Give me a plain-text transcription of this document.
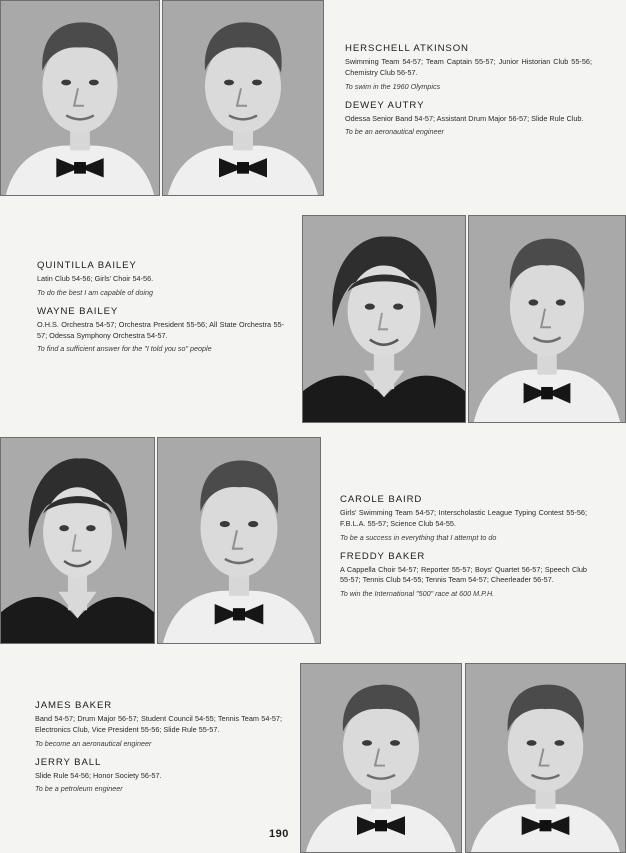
HERSCHELL ATKINSON

Swimming Team 54-57; Team Captain 55-57; Junior Historian Club 55-56; Chemistry Club 56-57.

To swim in the 1960 Olympics

DEWEY AUTRY

Odessa Senior Band 54-57; Assistant Drum Major 56-57; Slide Rule Club.

To be an aeronautical engineer

QUINTILLA BAILEY

Latin Club 54-56; Girls' Choir 54-56.

To do the best I am capable of doing

WAYNE BAILEY

O.H.S. Orchestra 54-57; Orchestra President 55-56; All State Orchestra 55-57; Odessa Symphony Orchestra 54-57.

To find a sufficient answer for the "I told you so" people

CAROLE BAIRD

Girls' Swimming Team 54-57; Interscholastic League Typing Contest 55-56; F.B.L.A. 55-57; Science Club 54-55.

To be a success in everything that I attempt to do

FREDDY BAKER

A Cappella Choir 54-57; Reporter 55-57; Boys' Quartet 56-57; Speech Club 55-57; Tennis Club 54-55; Tennis Team 54-57; Cheerleader 56-57.

To win the International "500" race at 600 M.P.H.

JAMES BAKER

Band 54-57; Drum Major 56-57; Student Council 54-55; Tennis Team 54-57; Electronics Club, Vice President 55-56; Slide Rule 55-57.

To become an aeronautical engineer

JERRY BALL

Slide Rule 54-56; Honor Society 56-57.

To be a petroleum engineer

190
